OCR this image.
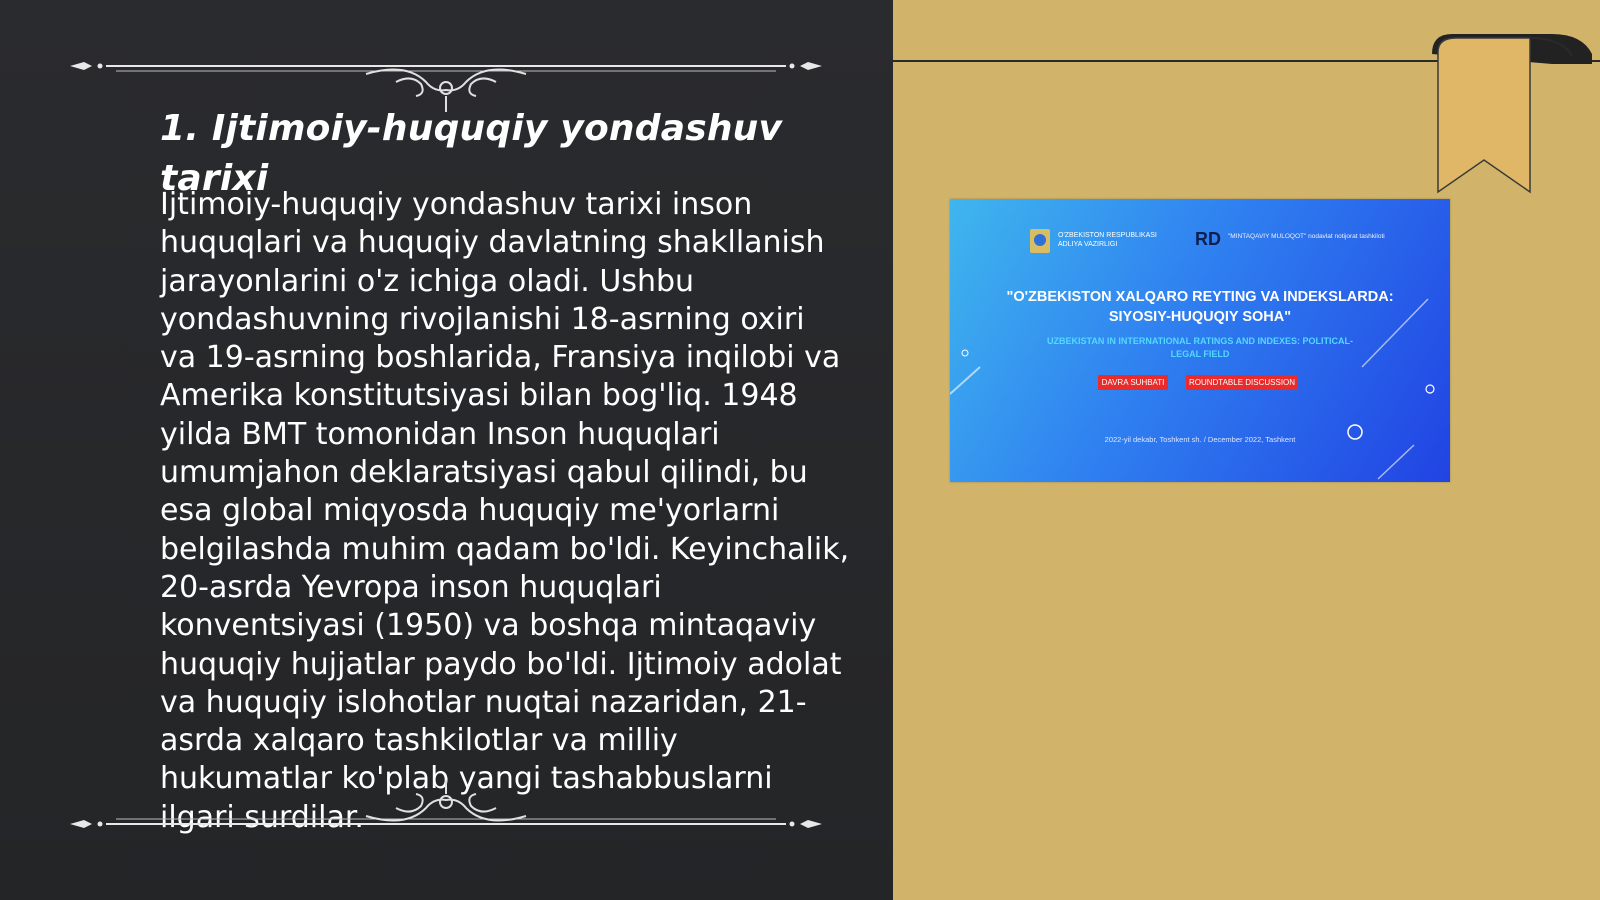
1. Ijtimoiy-huquqiy yondashuv tarixi

Ijtimoiy-huquqiy yondashuv tarixi inson huquqlari va huquqiy davlatning shakllanish jarayonlarini o'z ichiga oladi. Ushbu yondashuvning rivojlanishi 18-asrning oxiri va 19-asrning boshlarida, Fransiya inqilobi va Amerika konstitutsiyasi bilan bog'liq. 1948 yilda BMT tomonidan Inson huquqlari umumjahon deklaratsiyasi qabul qilindi, bu esa global miqyosda huquqiy me'yorlarni belgilashda muhim qadam bo'ldi. Keyinchalik, 20-asrda Yevropa inson huquqlari konventsiyasi (1950) va boshqa mintaqaviy huquqiy hujjatlar paydo bo'ldi. Ijtimoiy adolat va huquqiy islohotlar nuqtai nazaridan, 21-asrda xalqaro tashkilotlar va milliy hukumatlar ko'plab yangi tashabbuslarni ilgari surdilar.

O'ZBEKISTON RESPUBLIKASI ADLIYA VAZIRLIGI	RD "MINTAQAVIY MULOQOT" nodavlat notijorat tashkiloti
"O'ZBEKISTON XALQARO REYTING VA INDEKSLARDA: SIYOSIY-HUQUQIY SOHA"
UZBEKISTAN IN INTERNATIONAL RATINGS AND INDEXES: POLITICAL-LEGAL FIELD
DAVRA SUHBATI	ROUNDTABLE DISCUSSION
2022-yil dekabr, Toshkent sh. / December 2022, Tashkent
